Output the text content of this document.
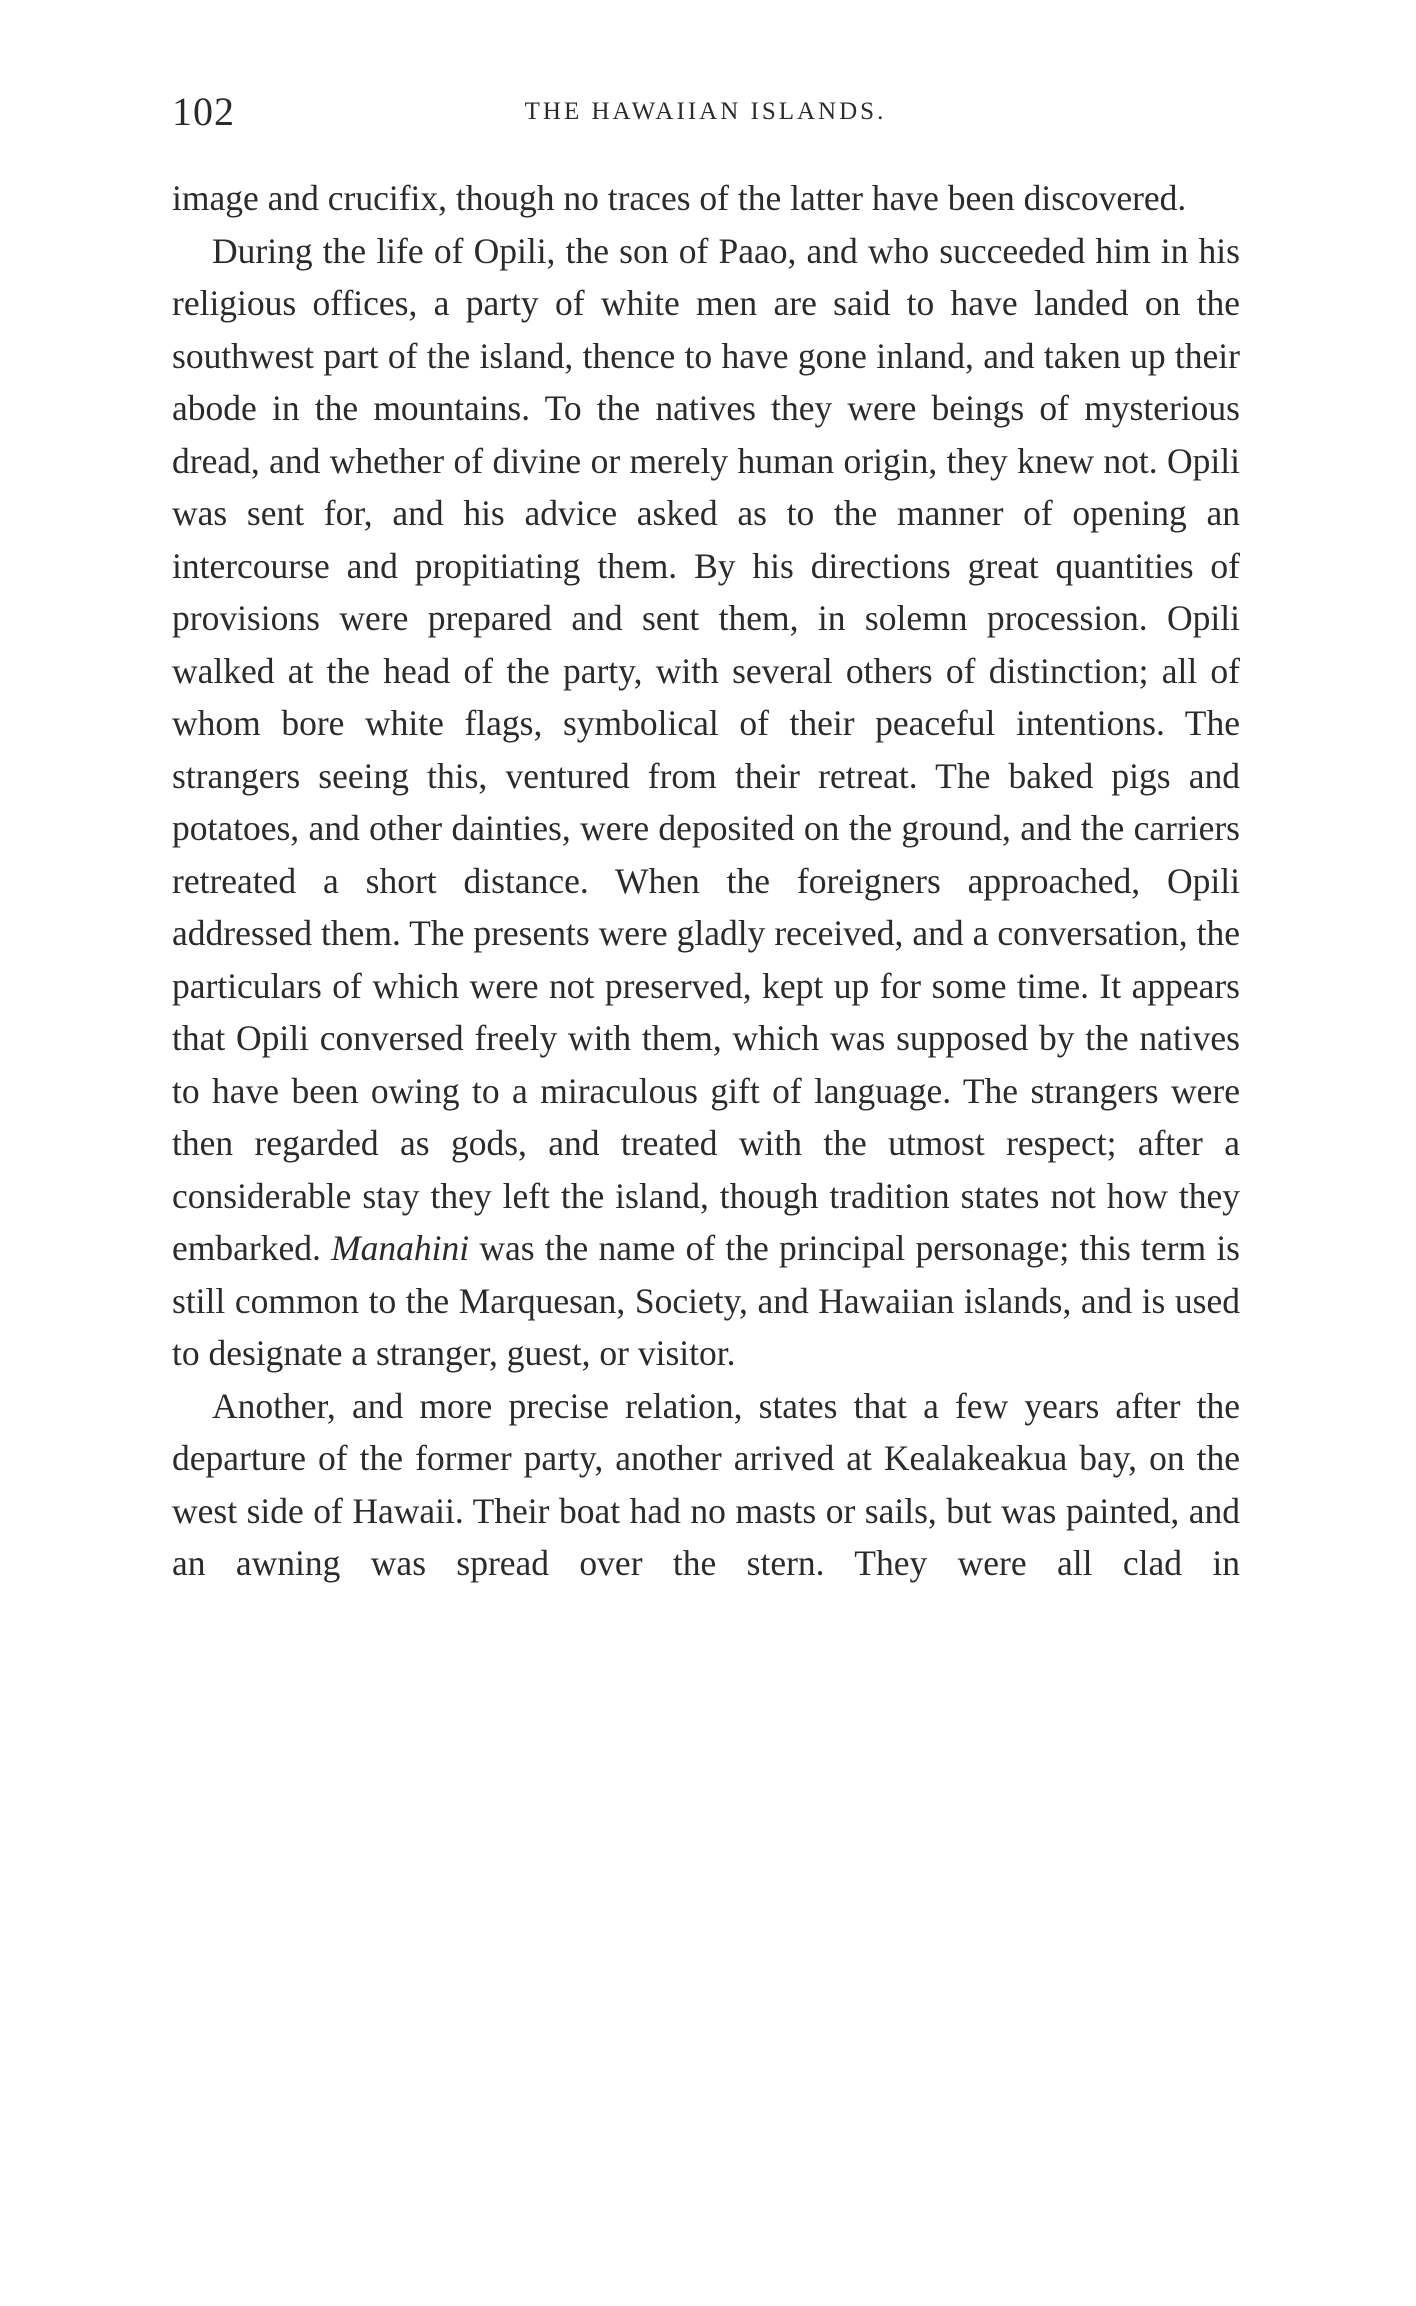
102	THE HAWAIIAN ISLANDS.

image and crucifix, though no traces of the latter have been discovered.

During the life of Opili, the son of Paao, and who succeeded him in his religious offices, a party of white men are said to have landed on the southwest part of the island, thence to have gone inland, and taken up their abode in the mountains. To the natives they were beings of mysterious dread, and whether of divine or merely human origin, they knew not. Opili was sent for, and his advice asked as to the manner of opening an intercourse and propitiating them. By his directions great quantities of provisions were prepared and sent them, in solemn procession. Opili walked at the head of the party, with several others of distinction; all of whom bore white flags, symbolical of their peaceful intentions. The strangers seeing this, ventured from their retreat. The baked pigs and potatoes, and other dainties, were deposited on the ground, and the carriers retreated a short distance. When the foreigners approached, Opili addressed them. The presents were gladly received, and a conversation, the particulars of which were not preserved, kept up for some time. It appears that Opili conversed freely with them, which was supposed by the natives to have been owing to a miraculous gift of language. The strangers were then regarded as gods, and treated with the utmost respect; after a considerable stay they left the island, though tradition states not how they embarked. Manahini was the name of the principal personage; this term is still common to the Marquesan, Society, and Hawaiian islands, and is used to designate a stranger, guest, or visitor.

Another, and more precise relation, states that a few years after the departure of the former party, another arrived at Kealakeakua bay, on the west side of Hawaii. Their boat had no masts or sails, but was painted, and an awning was spread over the stern. They were all clad in
